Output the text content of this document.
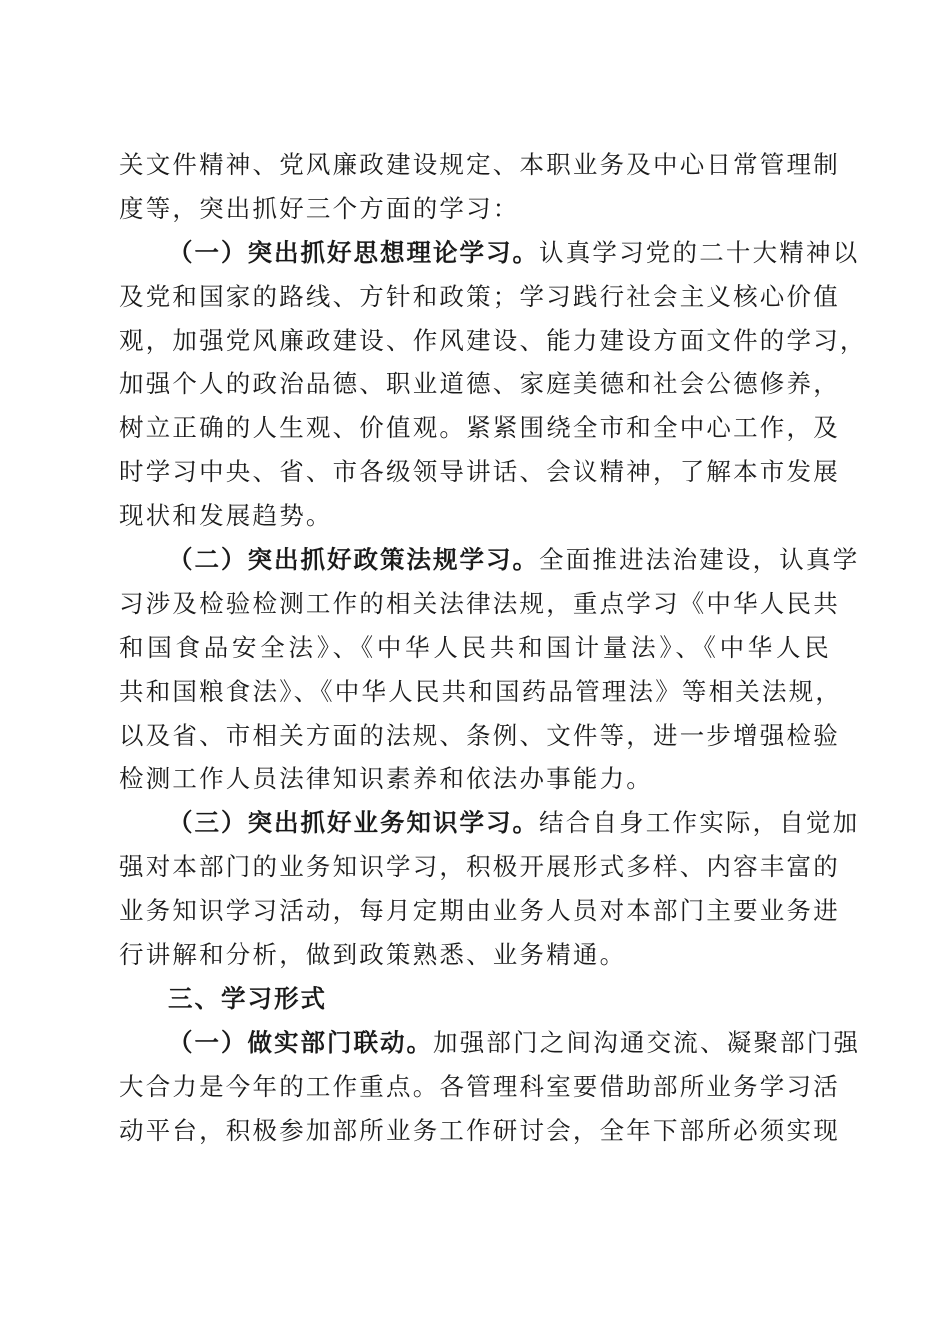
关文件精神、党风廉政建设规定、本职业务及中心日常管理制
度等，突出抓好三个方面的学习：
（一）突出抓好思想理论学习。认真学习党的二十大精神以
及党和国家的路线、方针和政策；学习践行社会主义核心价值
观，加强党风廉政建设、作风建设、能力建设方面文件的学习，
加强个人的政治品德、职业道德、家庭美德和社会公德修养，
树立正确的人生观、价值观。紧紧围绕全市和全中心工作，及
时学习中央、省、市各级领导讲话、会议精神，了解本市发展
现状和发展趋势。
（二）突出抓好政策法规学习。全面推进法治建设，认真学
习涉及检验检测工作的相关法律法规，重点学习《中华人民共
和国食品安全法》、《中华人民共和国计量法》、《中华人民
共和国粮食法》、《中华人民共和国药品管理法》等相关法规，
以及省、市相关方面的法规、条例、文件等，进一步增强检验
检测工作人员法律知识素养和依法办事能力。
（三）突出抓好业务知识学习。结合自身工作实际，自觉加
强对本部门的业务知识学习，积极开展形式多样、内容丰富的
业务知识学习活动，每月定期由业务人员对本部门主要业务进
行讲解和分析，做到政策熟悉、业务精通。
三、学习形式
（一）做实部门联动。加强部门之间沟通交流、凝聚部门强
大合力是今年的工作重点。各管理科室要借助部所业务学习活
动平台，积极参加部所业务工作研讨会，全年下部所必须实现
